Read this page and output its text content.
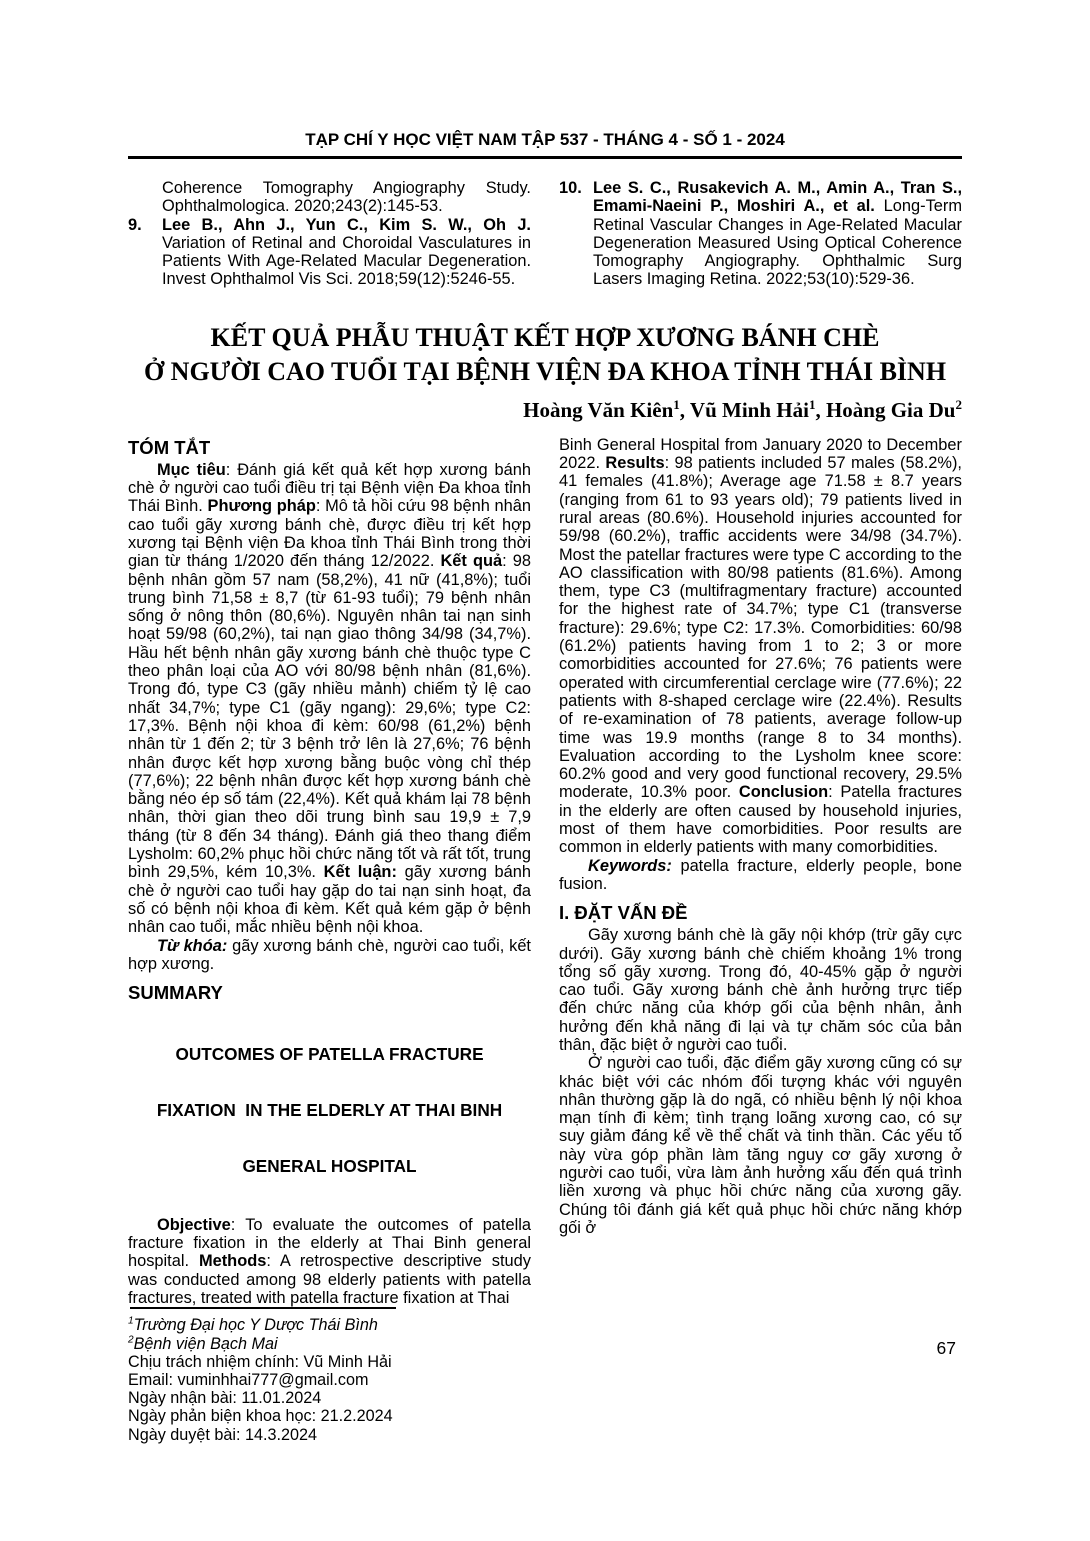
TẠP CHÍ Y HỌC VIỆT NAM TẬP 537 - THÁNG 4 - SỐ 1 - 2024

Coherence Tomography Angiography Study. Ophthalmologica. 2020;243(2):145-53.

9. Lee B., Ahn J., Yun C., Kim S. W., Oh J. Variation of Retinal and Choroidal Vasculatures in Patients With Age-Related Macular Degeneration. Invest Ophthalmol Vis Sci. 2018;59(12):5246-55.

10. Lee S. C., Rusakevich A. M., Amin A., Tran S., Emami-Naeini P., Moshiri A., et al. Long-Term Retinal Vascular Changes in Age-Related Macular Degeneration Measured Using Optical Coherence Tomography Angiography. Ophthalmic Surg Lasers Imaging Retina. 2022;53(10):529-36.

KẾT QUẢ PHẪU THUẬT KẾT HỢP XƯƠNG BÁNH CHÈ
Ở NGƯỜI CAO TUỔI TẠI BỆNH VIỆN ĐA KHOA TỈNH THÁI BÌNH
Hoàng Văn Kiên$^1$, Vũ Minh Hải$^1$, Hoàng Gia Du$^2$

TÓM TẮT

Mục tiêu: Đánh giá kết quả kết hợp xương bánh chè ở người cao tuổi điều trị tại Bệnh viện Đa khoa tỉnh Thái Bình. Phương pháp: Mô tả hồi cứu 98 bệnh nhân cao tuổi gãy xương bánh chè, được điều trị kết hợp xương tại Bệnh viện Đa khoa tỉnh Thái Bình trong thời gian từ tháng 1/2020 đến tháng 12/2022. Kết quả: 98 bệnh nhân gồm 57 nam (58,2%), 41 nữ (41,8%); tuổi trung bình 71,58 ± 8,7 (từ 61-93 tuổi); 79 bệnh nhân sống ở nông thôn (80,6%). Nguyên nhân tai nạn sinh hoạt 59/98 (60,2%), tai nạn giao thông 34/98 (34,7%). Hầu hết bệnh nhân gãy xương bánh chè thuộc type C theo phân loại của AO với 80/98 bệnh nhân (81,6%). Trong đó, type C3 (gãy nhiều mảnh) chiếm tỷ lệ cao nhất 34,7%; type C1 (gãy ngang): 29,6%; type C2: 17,3%. Bệnh nội khoa đi kèm: 60/98 (61,2%) bệnh nhân từ 1 đến 2; từ 3 bệnh trở lên là 27,6%; 76 bệnh nhân được kết hợp xương bằng buộc vòng chỉ thép (77,6%); 22 bệnh nhân được kết hợp xương bánh chè bằng néo ép số tám (22,4%). Kết quả khám lại 78 bệnh nhân, thời gian theo dõi trung bình sau 19,9 ± 7,9 tháng (từ 8 đến 34 tháng). Đánh giá theo thang điểm Lysholm: 60,2% phục hồi chức năng tốt và rất tốt, trung bình 29,5%, kém 10,3%. Kết luận: gãy xương bánh chè ở người cao tuổi hay gặp do tai nạn sinh hoạt, đa số có bệnh nội khoa đi kèm. Kết quả kém gặp ở bệnh nhân cao tuổi, mắc nhiều bệnh nội khoa.

Từ khóa: gãy xương bánh chè, người cao tuổi, kết hợp xương.

SUMMARY

OUTCOMES OF PATELLA FRACTURE

FIXATION  IN THE ELDERLY AT THAI BINH

GENERAL HOSPITAL

Objective: To evaluate the outcomes of patella fracture fixation in the elderly at Thai Binh general hospital. Methods: A retrospective descriptive study was conducted among 98 elderly patients with patella fractures, treated with patella fracture fixation at Thai

$^1$Trường Đại học Y Dược Thái Bình

$^2$Bệnh viện Bạch Mai

Chịu trách nhiệm chính: Vũ Minh Hải

Email: vuminhhai777@gmail.com

Ngày nhận bài: 11.01.2024

Ngày phản biện khoa học: 21.2.2024

Ngày duyệt bài: 14.3.2024

Binh General Hospital from January 2020 to December 2022. Results: 98 patients included 57 males (58.2%), 41 females (41.8%); Average age 71.58 ± 8.7 years (ranging from 61 to 93 years old); 79 patients lived in rural areas (80.6%). Household injuries accounted for 59/98 (60.2%), traffic accidents were 34/98 (34.7%). Most the patellar fractures were type C according to the AO classification with 80/98 patients (81.6%). Among them, type C3 (multifragmentary fracture) accounted for the highest rate of 34.7%; type C1 (transverse fracture): 29.6%; type C2: 17.3%. Comorbidities: 60/98 (61.2%) patients having from 1 to 2; 3 or more comorbidities accounted for 27.6%; 76 patients were operated with circumferential cerclage wire (77.6%); 22 patients with 8-shaped cerclage wire (22.4%). Results of re-examination of 78 patients, average follow-up time was 19.9 months (range 8 to 34 months). Evaluation according to the Lysholm knee score: 60.2% good and very good functional recovery, 29.5% moderate, 10.3% poor. Conclusion: Patella fractures in the elderly are often caused by household injuries, most of them have comorbidities. Poor results are common in elderly patients with many comorbidities.

Keywords: patella fracture, elderly people, bone fusion.

I. ĐẶT VẤN ĐỀ

Gãy xương bánh chè là gãy nội khớp (trừ gãy cực dưới). Gãy xương bánh chè chiếm khoảng 1% trong tổng số gãy xương. Trong đó, 40-45% gặp ở người cao tuổi. Gãy xương bánh chè ảnh hưởng trực tiếp đến chức năng của khớp gối của bệnh nhân, ảnh hưởng đến khả năng đi lại và tự chăm sóc của bản thân, đặc biệt ở người cao tuổi.

Ở người cao tuổi, đặc điểm gãy xương cũng có sự khác biệt với các nhóm đối tượng khác với nguyên nhân thường gặp là do ngã, có nhiều bệnh lý nội khoa mạn tính đi kèm; tình trạng loãng xương cao, có sự suy giảm đáng kể về thể chất và tinh thần. Các yếu tố này vừa góp phần làm tăng nguy cơ gãy xương ở người cao tuổi, vừa làm ảnh hưởng xấu đến quá trình liền xương và phục hồi chức năng của xương gãy. Chúng tôi đánh giá kết quả phục hồi chức năng khớp gối ở

67
